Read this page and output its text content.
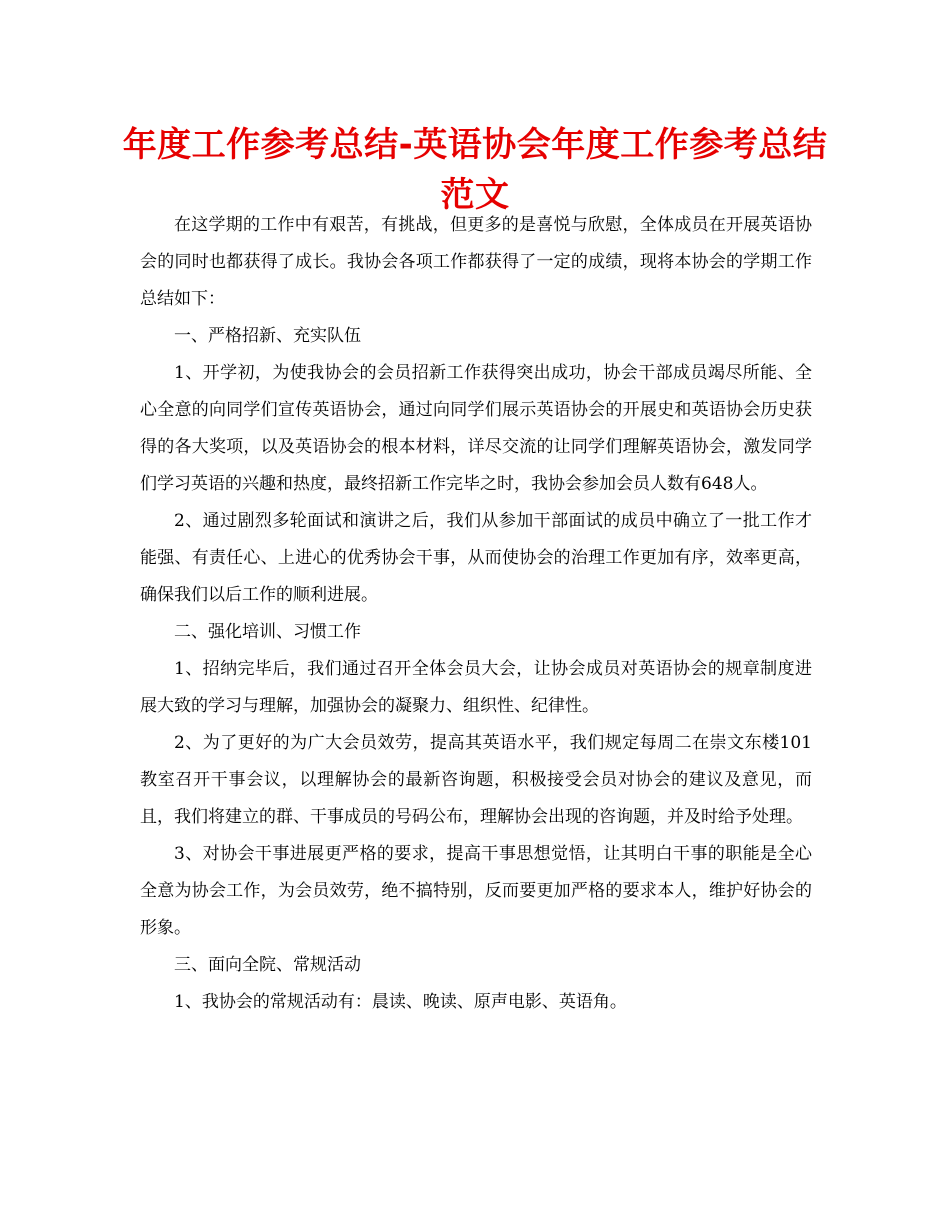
年度工作参考总结-英语协会年度工作参考总结范文

在这学期的工作中有艰苦，有挑战，但更多的是喜悦与欣慰，全体成员在开展英语协会的同时也都获得了成长。我协会各项工作都获得了一定的成绩，现将本协会的学期工作总结如下：

一、严格招新、充实队伍

1、开学初，为使我协会的会员招新工作获得突出成功，协会干部成员竭尽所能、全心全意的向同学们宣传英语协会，通过向同学们展示英语协会的开展史和英语协会历史获得的各大奖项，以及英语协会的根本材料，详尽交流的让同学们理解英语协会，激发同学们学习英语的兴趣和热度，最终招新工作完毕之时，我协会参加会员人数有648人。

2、通过剧烈多轮面试和演讲之后，我们从参加干部面试的成员中确立了一批工作才能强、有责任心、上进心的优秀协会干事，从而使协会的治理工作更加有序，效率更高，确保我们以后工作的顺利进展。

二、强化培训、习惯工作

1、招纳完毕后，我们通过召开全体会员大会，让协会成员对英语协会的规章制度进展大致的学习与理解，加强协会的凝聚力、组织性、纪律性。

2、为了更好的为广大会员效劳，提高其英语水平，我们规定每周二在崇文东楼101教室召开干事会议，以理解协会的最新咨询题，积极接受会员对协会的建议及意见，而且，我们将建立的群、干事成员的号码公布，理解协会出现的咨询题，并及时给予处理。

3、对协会干事进展更严格的要求，提高干事思想觉悟，让其明白干事的职能是全心全意为协会工作，为会员效劳，绝不搞特别，反而要更加严格的要求本人，维护好协会的形象。

三、面向全院、常规活动

1、我协会的常规活动有：晨读、晚读、原声电影、英语角。
